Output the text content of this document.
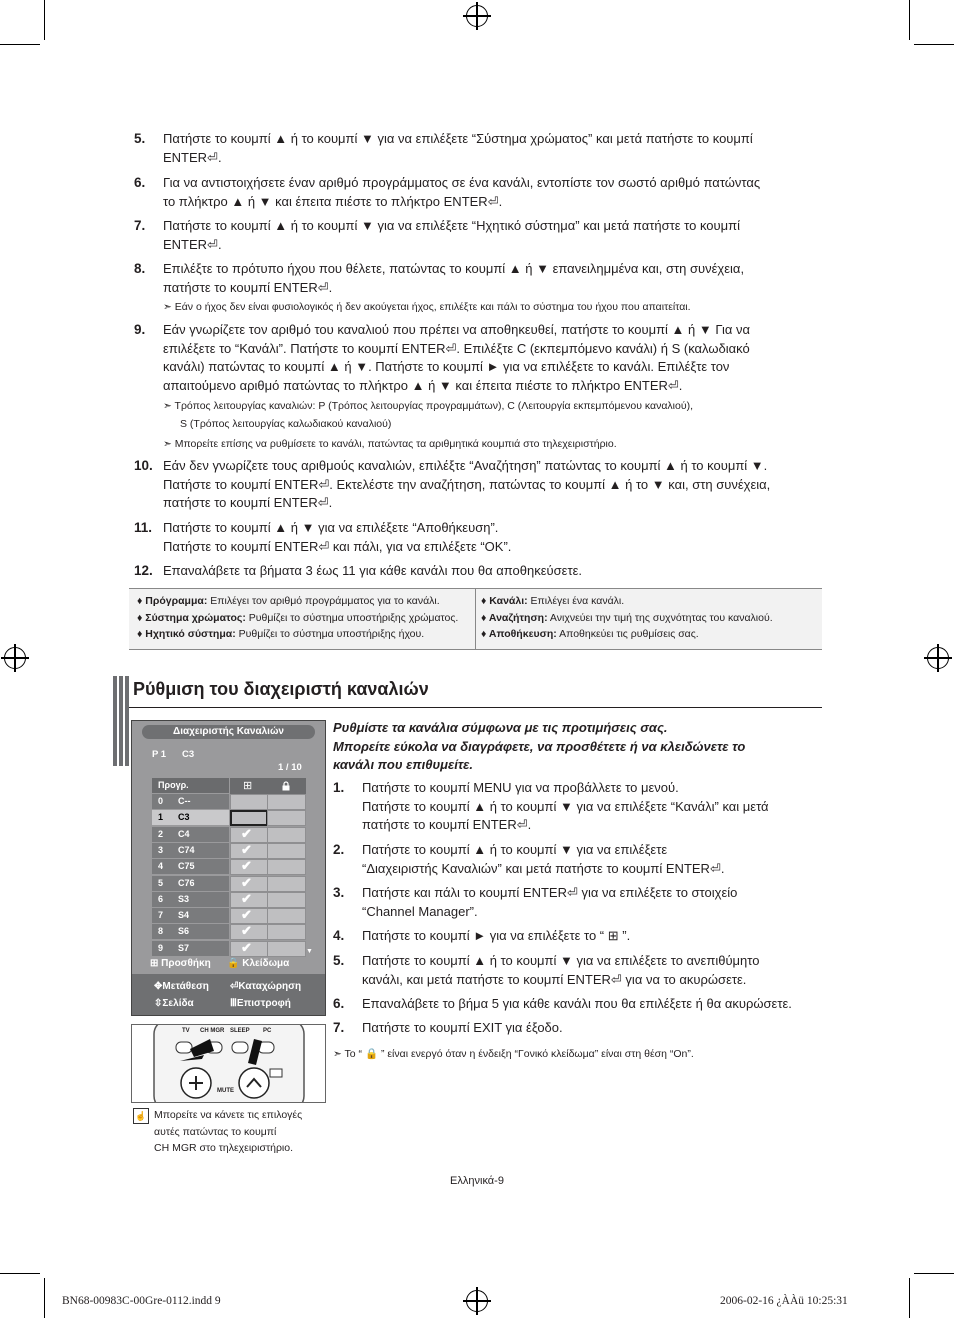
5. Πατήστε το κουμπί ▲ ή το κουμπί ▼ για να επιλέξετε “Σύστημα χρώματος” και μετά πατήστε το κουμπί
ENTER⏎.
6. Για να αντιστοιχήσετε έναν αριθμό προγράμματος σε ένα κανάλι, εντοπίστε τον σωστό αριθμό πατώντας
το πλήκτρο ▲ ή ▼ και έπειτα πιέστε το πλήκτρο ENTER⏎.
7. Πατήστε το κουμπί ▲ ή το κουμπί ▼ για να επιλέξετε “Ηχητικό σύστημα” και μετά πατήστε το κουμπί
ENTER⏎.
8. Επιλέξτε το πρότυπο ήχου που θέλετε, πατώντας το κουμπί ▲ ή ▼ επανειλημμένα και, στη συνέχεια,
πατήστε το κουμπί ENTER⏎.
9. Εάν γνωρίζετε τον αριθμό του καναλιού που πρέπει να αποθηκευθεί, πατήστε το κουμπί ▲ ή ▼ Για να
επιλέξετε το “Κανάλι”. Πατήστε το κουμπί ENTER⏎. Επιλέξτε C (εκπεμπόμενο κανάλι) ή S (καλωδιακό
κανάλι) πατώντας το κουμπί ▲ ή ▼. Πατήστε το κουμπί ► για να επιλέξετε το κανάλι. Επιλέξτε τον
απαιτούμενο αριθμό πατώντας το πλήκτρο ▲ ή ▼ και έπειτα πιέστε το πλήκτρο ENTER⏎.
10. Εάν δεν γνωρίζετε τους αριθμούς καναλιών, επιλέξτε “Αναζήτηση” πατώντας το κουμπί ▲ ή το κουμπί ▼.
Πατήστε το κουμπί ENTER⏎. Εκτελέστε την αναζήτηση, πατώντας το κουμπί ▲ ή το ▼ και, στη συνέχεια,
πατήστε το κουμπί ENTER⏎.
11. Πατήστε το κουμπί ▲ ή ▼ για να επιλέξετε “Αποθήκευση”.
Πατήστε το κουμπί ENTER⏎ και πάλι, για να επιλέξετε “OK”.
12. Επαναλάβετε τα βήματα 3 έως 11 για κάθε κανάλι που θα αποθηκεύσετε.
➣ Εάν ο ήχος δεν είναι φυσιολογικός ή δεν ακούγεται ήχος, επιλέξτε και πάλι το σύστημα του ήχου που απαιτείται.
➣ Τρόπος λειτουργίας καναλιών: P (Τρόπος λειτουργίας προγραμμάτων), C (Λειτουργία εκπεμπόμενου καναλιού),
S (Τρόπος λειτουργίας καλωδιακού καναλιού)
➣ Μπορείτε επίσης να ρυθμίσετε το κανάλι, πατώντας τα αριθμητικά κουμπιά στο τηλεχειριστήριο.
♦ Πρόγραμμα: Επιλέγει τον αριθμό προγράμματος για το κανάλι.
♦ Σύστημα χρώματος: Ρυθμίζει το σύστημα υποστήριξης χρώματος.
♦ Ηχητικό σύστημα: Ρυθμίζει το σύστημα υποστήριξης ήχου.
♦ Κανάλι: Επιλέγει ένα κανάλι.
♦ Αναζήτηση: Ανιχνεύει την τιμή της συχνότητας του καναλιού.
♦ Αποθήκευση: Αποθηκεύει τις ρυθμίσεις σας.
Ρύθμιση του διαχειριστή καναλιών
Ρυθμίστε τα κανάλια σύμφωνα με τις προτιμήσεις σας.
Μπορείτε εύκολα να διαγράφετε, να προσθέτετε ή να κλειδώνετε το
κανάλι που επιθυμείτε.
1. Πατήστε το κουμπί MENU για να προβάλλετε το μενού.
Πατήστε το κουμπί ▲ ή το κουμπί ▼ για να επιλέξετε “Κανάλι” και μετά
πατήστε το κουμπί ENTER⏎.
2. Πατήστε το κουμπί ▲ ή το κουμπί ▼ για να επιλέξετε
“Διαχειριστής Καναλιών” και μετά πατήστε το κουμπί ENTER⏎.
3. Πατήστε και πάλι το κουμπί ENTER⏎ για να επιλέξετε το στοιχείο
“Channel Manager”.
4. Πατήστε το κουμπί ► για να επιλέξετε το “ ⊞ ”.
5. Πατήστε το κουμπί ▲ ή το κουμπί ▼ για να επιλέξετε το ανεπιθύμητο
κανάλι, και μετά πατήστε το κουμπί ENTER⏎ για να το ακυρώσετε.
6. Επαναλάβετε το βήμα 5 για κάθε κανάλι που θα επιλέξετε ή θα ακυρώσετε.
7. Πατήστε το κουμπί EXIT για έξοδο.
➣ Το “ 🔒 ” είναι ενεργό όταν η ένδειξη “Γονικό κλείδωμα” είναι στη θέση “On”.
Διαχειριστής Καναλιών
P 1 C3
1 / 10
Προγρ.	⊞
0 C--
1 C3
2 C4	✔
3 C74	✔
4 C75	✔
5 C76	✔
6 S3	✔
7 S4	✔
8 S6	✔
9 S7	✔	▼
⊞ Προσθήκη 🔒 Κλείδωμα
✥Μετάθεση ⏎Καταχώρηση
⇳Σελίδα	ⅢΕπιστροφή
TV CH MGR SLEEP PC
MUTE
☝ Μπορείτε να κάνετε τις επιλογές
αυτές πατώντας το κουμπί
CH MGR στο τηλεχειριστήριο.
Ελληνικά-9
BN68-00983C-00Gre-0112.indd 9	2006-02-16 ¿ÀÀü 10:25:31
